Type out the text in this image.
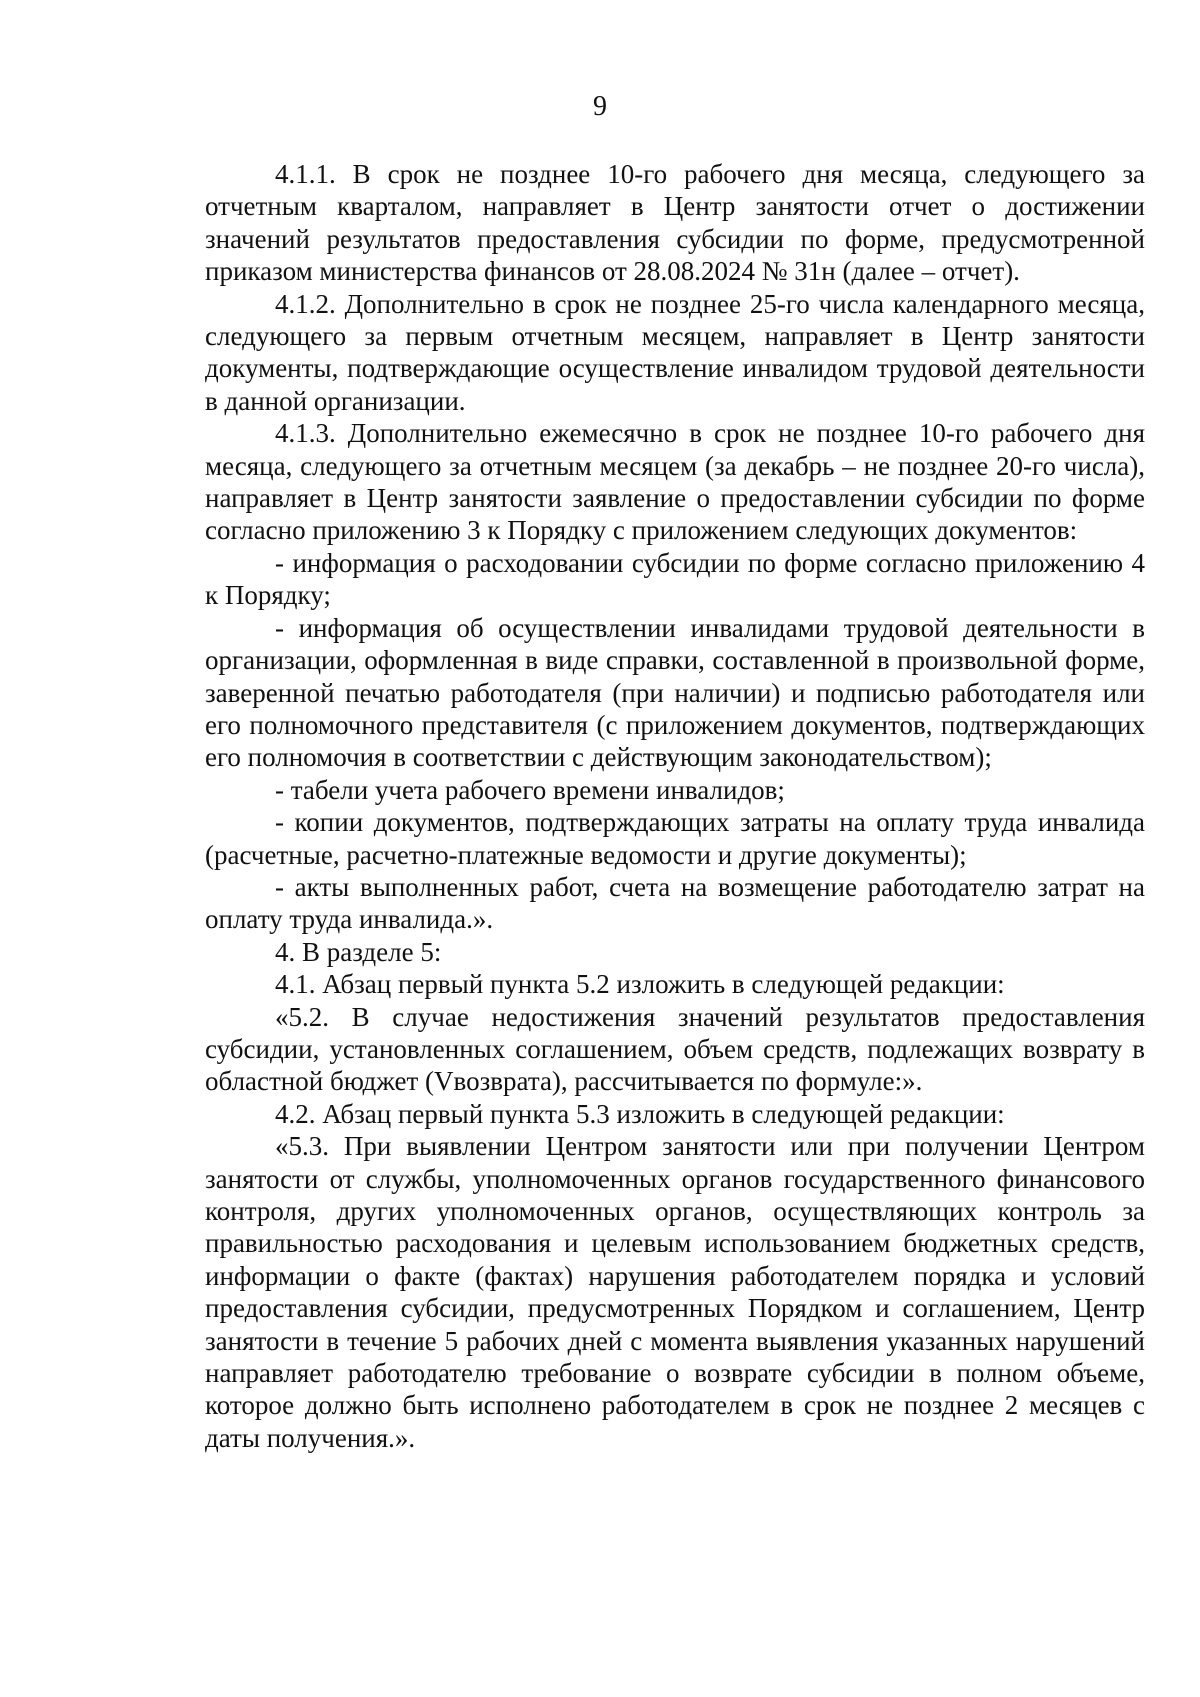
9

4.1.1. В срок не позднее 10-го рабочего дня месяца, следующего за отчетным кварталом, направляет в Центр занятости отчет о достижении значений результатов предоставления субсидии по форме, предусмотренной приказом министерства финансов от 28.08.2024 № 31н (далее – отчет).

4.1.2. Дополнительно в срок не позднее 25-го числа календарного месяца, следующего за первым отчетным месяцем, направляет в Центр занятости документы, подтверждающие осуществление инвалидом трудовой деятельности в данной организации.

4.1.3. Дополнительно ежемесячно в срок не позднее 10-го рабочего дня месяца, следующего за отчетным месяцем (за декабрь – не позднее 20-го числа), направляет в Центр занятости заявление о предоставлении субсидии по форме согласно приложению 3 к Порядку с приложением следующих документов:

- информация о расходовании субсидии по форме согласно приложению 4 к Порядку;

- информация об осуществлении инвалидами трудовой деятельности в организации, оформленная в виде справки, составленной в произвольной форме, заверенной печатью работодателя (при наличии) и подписью работодателя или его полномочного представителя (с приложением документов, подтверждающих его полномочия в соответствии с действующим законодательством);

- табели учета рабочего времени инвалидов;

- копии документов, подтверждающих затраты на оплату труда инвалида (расчетные, расчетно-платежные ведомости и другие документы);

- акты выполненных работ, счета на возмещение работодателю затрат на оплату труда инвалида.».

4. В разделе 5:

4.1. Абзац первый пункта 5.2 изложить в следующей редакции:

«5.2. В случае недостижения значений результатов предоставления субсидии, установленных соглашением, объем средств, подлежащих возврату в областной бюджет (Vвозврата), рассчитывается по формуле:».

4.2. Абзац первый пункта 5.3 изложить в следующей редакции:

«5.3. При выявлении Центром занятости или при получении Центром занятости от службы, уполномоченных органов государственного финансового контроля, других уполномоченных органов, осуществляющих контроль за правильностью расходования и целевым использованием бюджетных средств, информации о факте (фактах) нарушения работодателем порядка и условий предоставления субсидии, предусмотренных Порядком и соглашением, Центр занятости в течение 5 рабочих дней с момента выявления указанных нарушений направляет работодателю требование о возврате субсидии в полном объеме, которое должно быть исполнено работодателем в срок не позднее 2 месяцев с даты получения.».
